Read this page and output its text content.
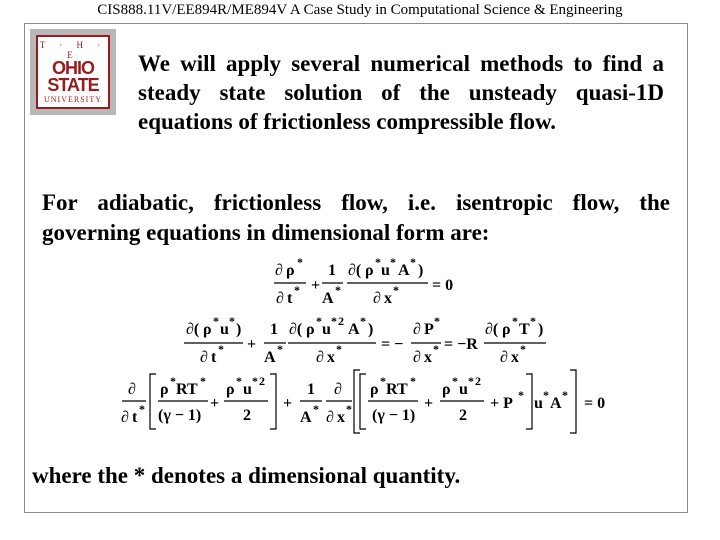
CIS888.11V/EE894R/ME894V A Case Study in Computational Science & Engineering
T · H · E
OHIO
STATE
UNIVERSITY
We will apply several numerical methods to find a steady state solution of the unsteady quasi-1D equations of frictionless compressible flow.
For adiabatic, frictionless flow, i.e. isentropic flow, the governing equations in dimensional form are:
∂ ρ *
∂ t * +
1
A *
∂( ρ * u * A * )
∂ x * = 0
∂( ρ * u * )
∂ t * +
1
A *
∂( ρ * u * 2 A * )
∂ x * = −
∂ P *
∂ x * = −R
∂( ρ * T * )
∂ x *
∂
∂ t *
ρ * RT *
(γ − 1)
+
ρ * u * 2
2
+
1
A *
∂
∂ x *
ρ * RT *
(γ − 1)
+
ρ * u * 2
2
+ P * u * A * = 0
where the * denotes a dimensional quantity.
